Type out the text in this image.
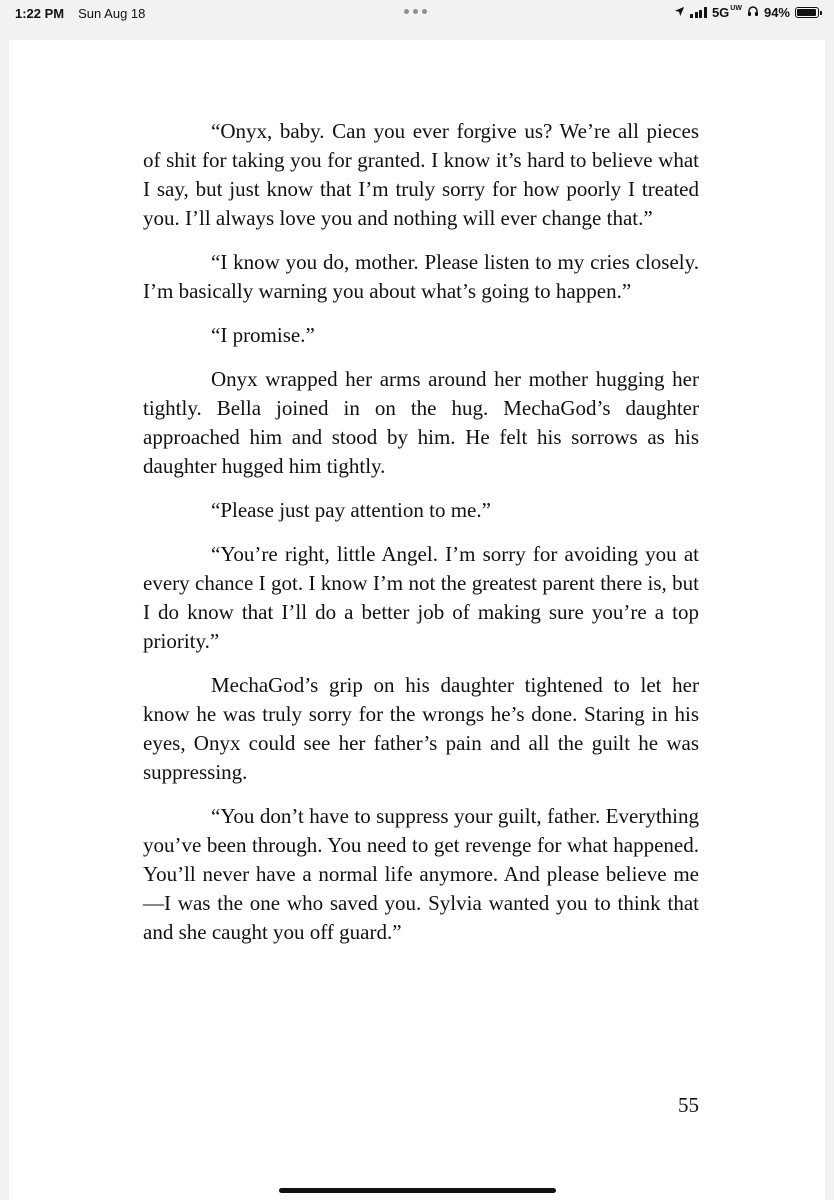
1:22 PM Sun Aug 18	5G UW 94%

“Onyx, baby. Can you ever forgive us? We’re all pieces of shit for taking you for granted. I know it’s hard to believe what I say, but just know that I’m truly sorry for how poorly I treated you. I’ll always love you and nothing will ever change that.”

“I know you do, mother. Please listen to my cries closely. I’m basically warning you about what’s going to happen.”

“I promise.”

Onyx wrapped her arms around her mother hugging her tightly. Bella joined in on the hug. MechaGod’s daughter approached him and stood by him. He felt his sorrows as his daughter hugged him tightly.

“Please just pay attention to me.”

“You’re right, little Angel. I’m sorry for avoiding you at every chance I got. I know I’m not the greatest parent there is, but I do know that I’ll do a better job of making sure you’re a top priority.”

MechaGod’s grip on his daughter tightened to let her know he was truly sorry for the wrongs he’s done. Staring in his eyes, Onyx could see her father’s pain and all the guilt he was suppressing.

“You don’t have to suppress your guilt, father. Everything you’ve been through. You need to get revenge for what happened. You’ll never have a normal life anymore. And please believe me—I was the one who saved you. Sylvia wanted you to think that and she caught you off guard.”

55
